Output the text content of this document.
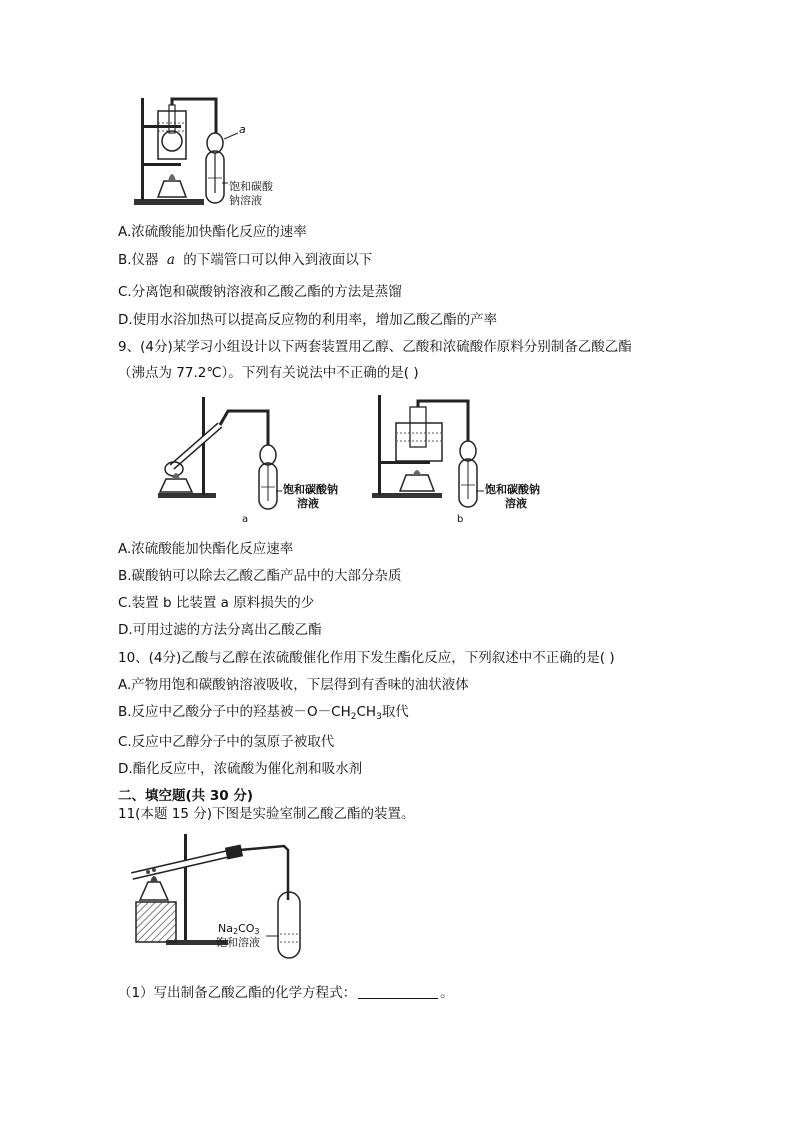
a
饱和碳酸
钠溶液
A.浓硫酸能加快酯化反应的速率
B.仪器 a 的下端管口可以伸入到液面以下
C.分离饱和碳酸钠溶液和乙酸乙酯的方法是蒸馏
D.使用水浴加热可以提高反应物的利用率，增加乙酸乙酯的产率
9、(4分)某学习小组设计以下两套装置用乙醇、乙酸和浓硫酸作原料分别制备乙酸乙酯
（沸点为 77.2℃）。下列有关说法中不正确的是( )
饱和碳酸钠
溶液
a
饱和碳酸钠
溶液
b
A.浓硫酸能加快酯化反应速率
B.碳酸钠可以除去乙酸乙酯产品中的大部分杂质
C.装置 b 比装置 a 原料损失的少
D.可用过滤的方法分离出乙酸乙酯
10、(4分)乙酸与乙醇在浓硫酸催化作用下发生酯化反应，下列叙述中不正确的是( )
A.产物用饱和碳酸钠溶液吸收，下层得到有香味的油状液体
B.反应中乙酸分子中的羟基被$-O-CH_2CH_3$取代
C.反应中乙醇分子中的氢原子被取代
D.酯化反应中，浓硫酸为催化剂和吸水剂
二、填空题(共 30 分)
11(本题 15 分)下图是实验室制乙酸乙酯的装置。
Na2CO3
饱和溶液
（1）写出制备乙酸乙酯的化学方程式：	。
